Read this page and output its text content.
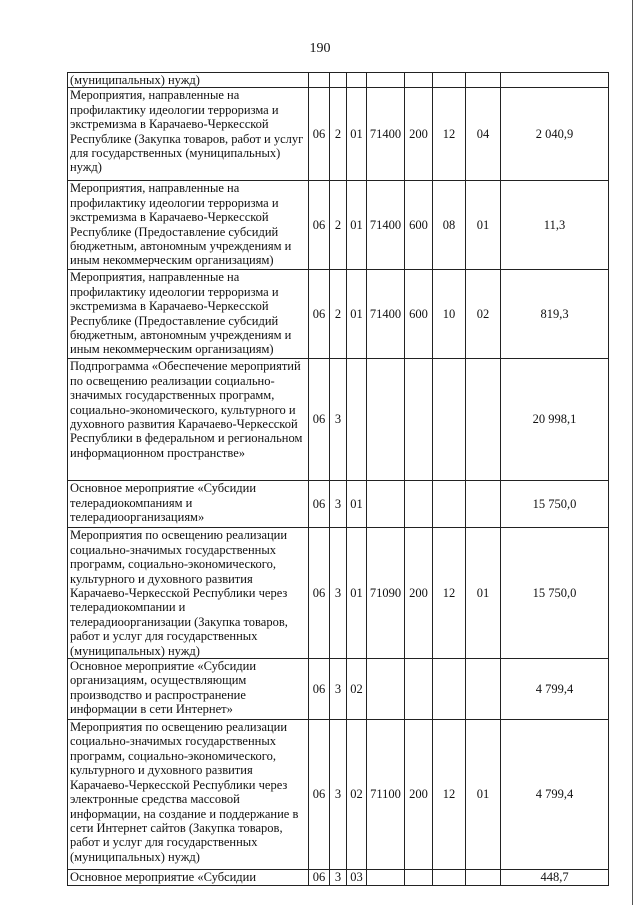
190
(муниципальных) нужд)								
Мероприятия, направленные на профилактику идеологии терроризма и экстремизма в Карачаево-Черкесской Республике (Закупка товаров, работ и услуг для государственных (муниципальных) нужд)	06	2	01	71400	200	12	04	2 040,9
Мероприятия, направленные на профилактику идеологии терроризма и экстремизма в Карачаево-Черкесской Республике (Предоставление субсидий бюджетным, автономным учреждениям и иным некоммерческим организациям)	06	2	01	71400	600	08	01	11,3
Мероприятия, направленные на профилактику идеологии терроризма и экстремизма в Карачаево-Черкесской Республике (Предоставление субсидий бюджетным, автономным учреждениям и иным некоммерческим организациям)	06	2	01	71400	600	10	02	819,3
Подпрограмма «Обеспечение мероприятий по освещению реализации социально-значимых государственных программ, социально-экономического, культурного и духовного развития Карачаево-Черкесской Республики в федеральном и региональном информационном пространстве»	06	3						20 998,1
Основное мероприятие «Субсидии телерадиокомпаниям и телерадиоорганизациям»	06	3	01					15 750,0
Мероприятия по освещению реализации социально-значимых государственных программ, социально-экономического, культурного и духовного развития Карачаево-Черкесской Республики через телерадиокомпании и телерадиоорганизации (Закупка товаров, работ и услуг для государственных (муниципальных) нужд)	06	3	01	71090	200	12	01	15 750,0
Основное мероприятие «Субсидии организациям, осуществляющим производство и распространение информации в сети Интернет»	06	3	02					4 799,4
Мероприятия по освещению реализации социально-значимых государственных программ, социально-экономического, культурного и духовного развития Карачаево-Черкесской Республики через электронные средства массовой информации, на создание и поддержание в сети Интернет сайтов (Закупка товаров, работ и услуг для государственных (муниципальных) нужд)	06	3	02	71100	200	12	01	4 799,4
Основное мероприятие «Субсидии	06	3	03					448,7
